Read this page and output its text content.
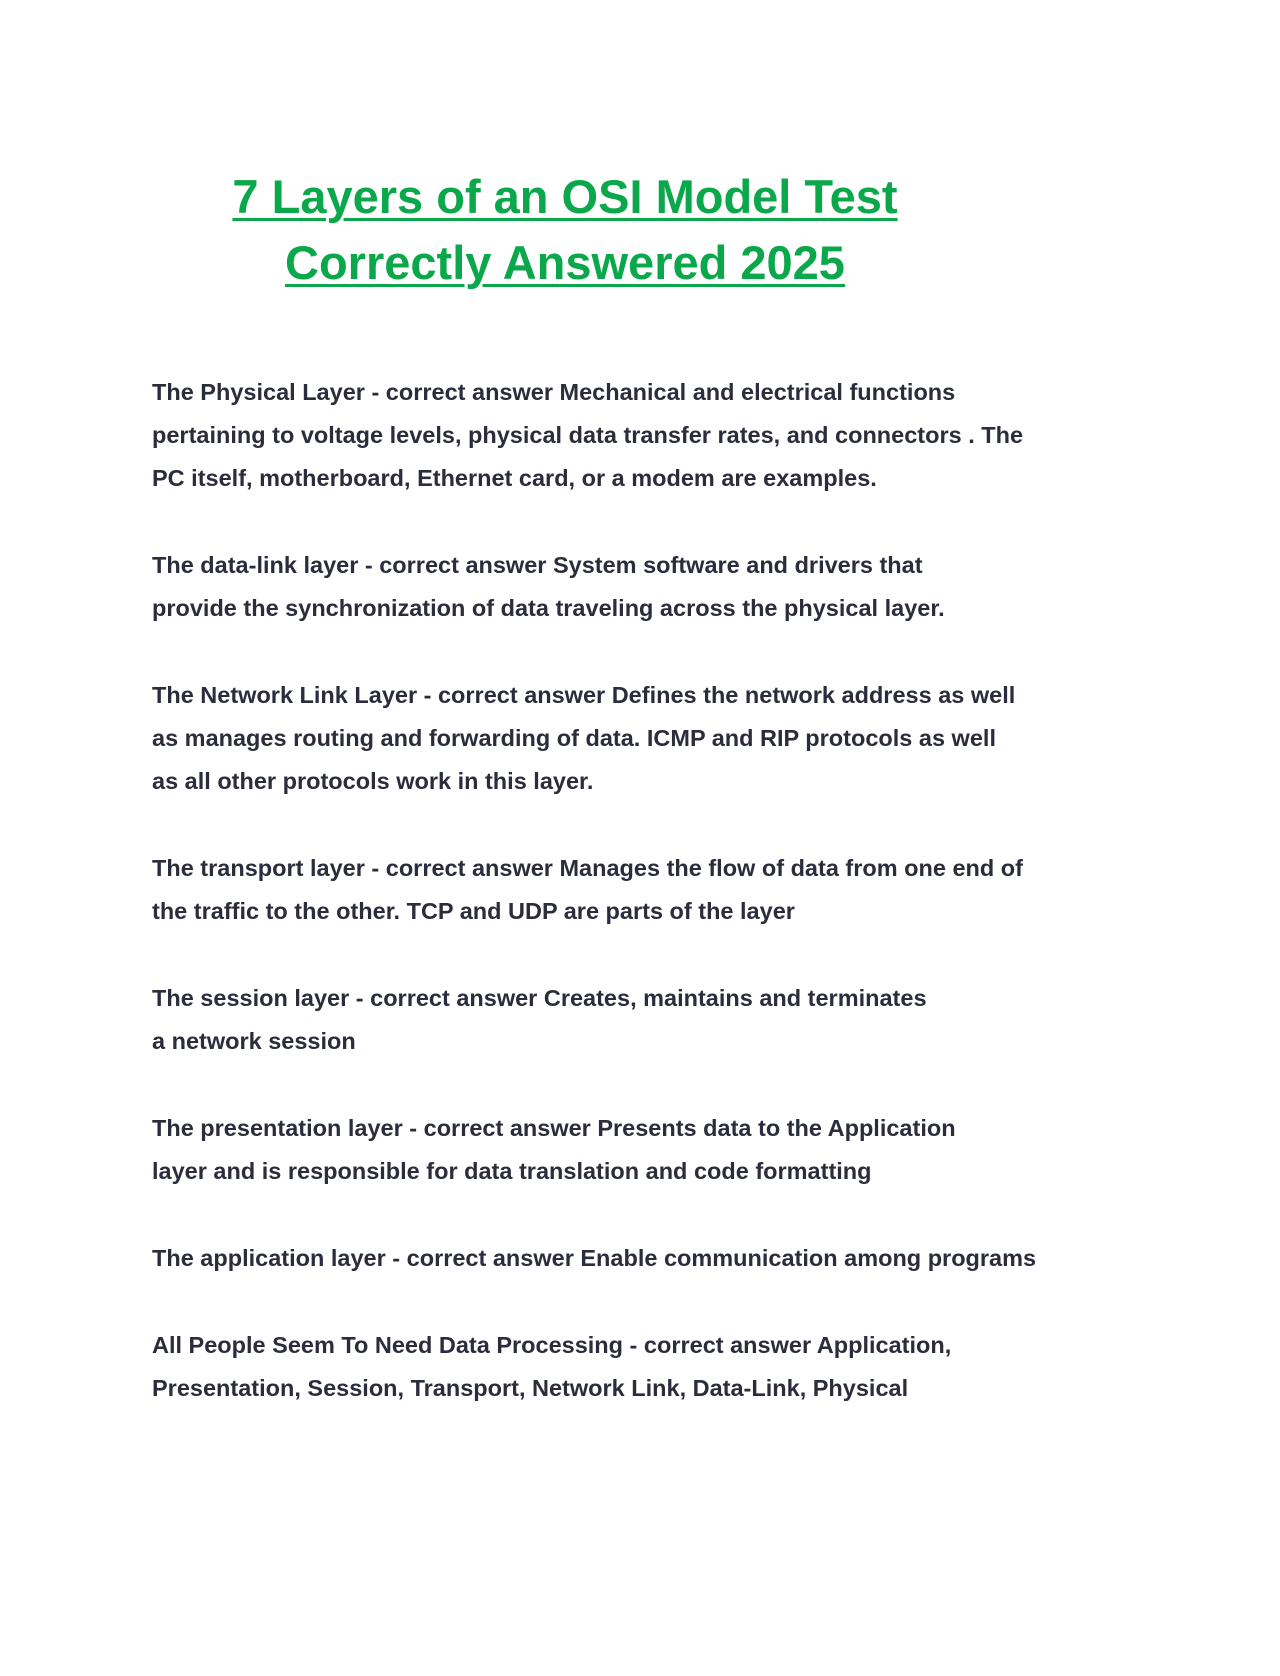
7 Layers of an OSI Model Test
Correctly Answered 2025
The Physical Layer - correct answer Mechanical and electrical functions
pertaining to voltage levels, physical data transfer rates, and connectors . The
PC itself, motherboard, Ethernet card, or a modem are examples.
The data-link layer - correct answer System software and drivers that
provide the synchronization of data traveling across the physical layer.
The Network Link Layer - correct answer Defines the network address as well
as manages routing and forwarding of data. ICMP and RIP protocols as well
as all other protocols work in this layer.
The transport layer - correct answer Manages the flow of data from one end of
the traffic to the other. TCP and UDP are parts of the layer
The session layer - correct answer Creates, maintains and terminates
a network session
The presentation layer - correct answer Presents data to the Application
layer and is responsible for data translation and code formatting
The application layer - correct answer Enable communication among programs
All People Seem To Need Data Processing - correct answer Application,
Presentation, Session, Transport, Network Link, Data-Link, Physical
